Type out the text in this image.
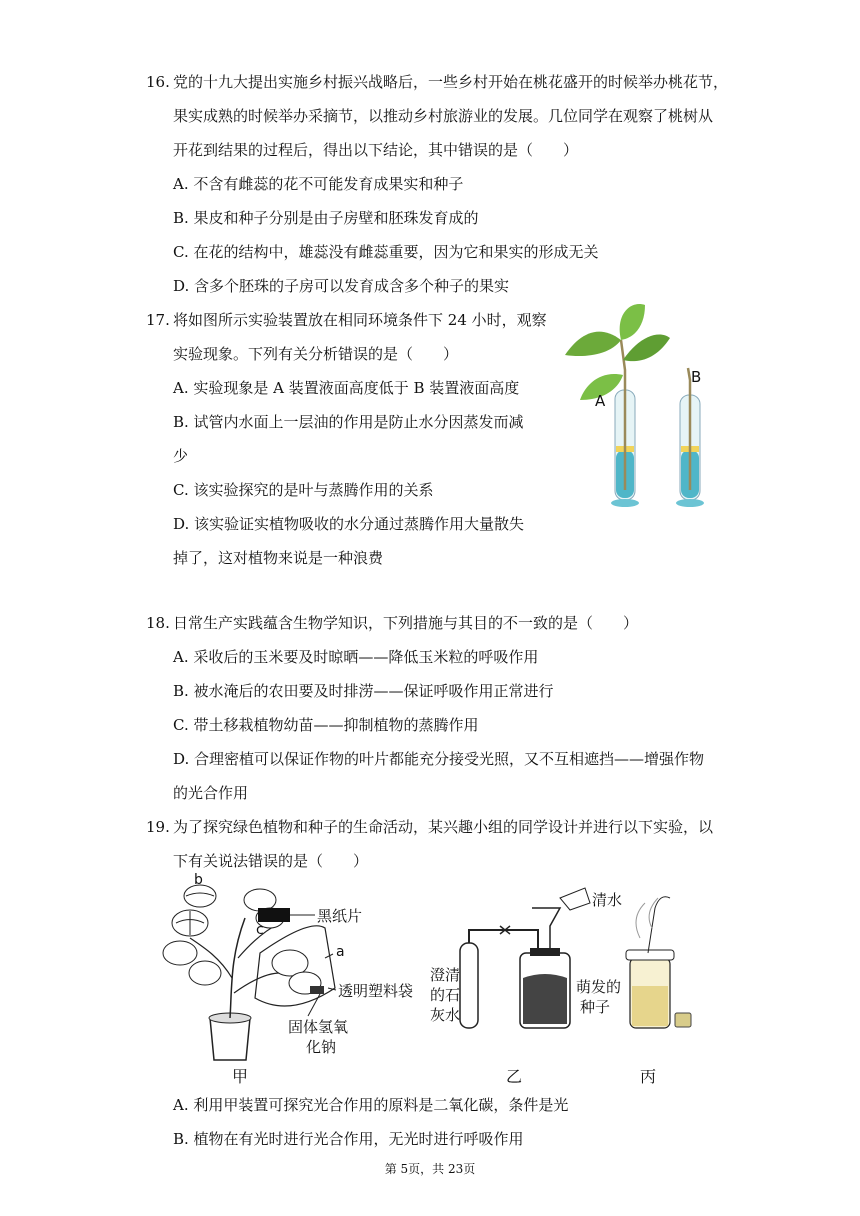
16. 党的十九大提出实施乡村振兴战略后，一些乡村开始在桃花盛开的时候举办桃花节，
果实成熟的时候举办采摘节，以推动乡村旅游业的发展。几位同学在观察了桃树从
开花到结果的过程后，得出以下结论，其中错误的是（　　）
A. 不含有雌蕊的花不可能发育成果实和种子
B. 果皮和种子分别是由子房壁和胚珠发育成的
C. 在花的结构中，雄蕊没有雌蕊重要，因为它和果实的形成无关
D. 含多个胚珠的子房可以发育成含多个种子的果实
17. 将如图所示实验装置放在相同环境条件下 24 小时，观察
实验现象。下列有关分析错误的是（　　）
A. 实验现象是 A 装置液面高度低于 B 装置液面高度
B. 试管内水面上一层油的作用是防止水分因蒸发而减
少
C. 该实验探究的是叶与蒸腾作用的关系
D. 该实验证实植物吸收的水分通过蒸腾作用大量散失
掉了，这对植物来说是一种浪费
A
B
18. 日常生产实践蕴含生物学知识，下列措施与其目的不一致的是（　　）
A. 采收后的玉米要及时晾晒——降低玉米粒的呼吸作用
B. 被水淹后的农田要及时排涝——保证呼吸作用正常进行
C. 带土移栽植物幼苗——抑制植物的蒸腾作用
D. 合理密植可以保证作物的叶片都能充分接受光照，又不互相遮挡——增强作物
的光合作用
19. 为了探究绿色植物和种子的生命活动，某兴趣小组的同学设计并进行以下实验，以
下有关说法错误的是（　　）
b
c
a
黑纸片
透明塑料袋
固体氢氧
化钠
清水
澄清
的石
灰水
萌发的
种子
甲	乙	丙
A. 利用甲装置可探究光合作用的原料是二氧化碳，条件是光
B. 植物在有光时进行光合作用，无光时进行呼吸作用
第 5页，共 23页
